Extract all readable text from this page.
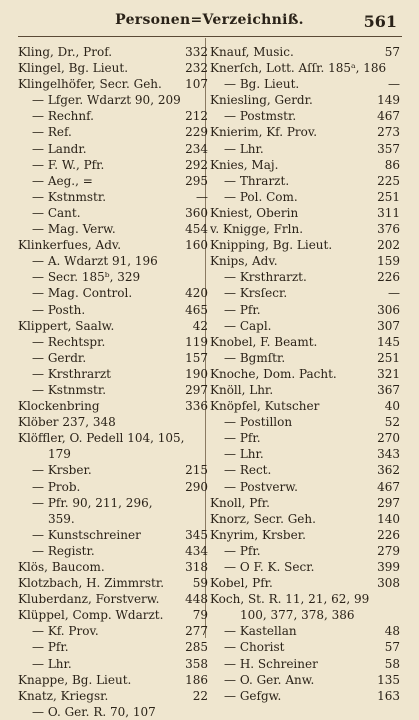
Personen=Verzeichniß.	561
Kling, Dr., Prof.	332
Klingel, Bg. Lieut.	232
Klingelhöfer, Secr. Geh. 107
— Lfger. Wdarzt 90, 209
— Rechnf.	212
— Ref.	229
— Landr.	234
— F. W., Pfr.	292
— Aeg., =	295
— Kstnmstr.	—
— Cant.	360
— Mag. Verw.	454
Klinkerfues, Adv.	160
— A. Wdarzt 91, 196
— Secr. 185ᵇ, 329
— Mag. Control.	420
— Posth.	465
Klippert, Saalw.	42
— Rechtspr.	119
— Gerdr.	157
— Krsthrarzt	190
— Kstnmstr.	297
Klockenbring	336
Klöber 237, 348
Klöffler, O. Pedell 104, 105,
179
— Krsber.	215
— Prob.	290
— Pfr. 90, 211, 296,
359.
— Kunstschreiner	345
— Registr.	434
Klös, Baucom.	318
Klotzbach, H. Zimmrstr. 59
Kluberdanz, Forstverw. 448
Klüppel, Comp. Wdarzt. 79
— Kf. Prov.	277
— Pfr.	285
— Lhr.	358
Knappe, Bg. Lieut.	186
Knatz, Kriegsr.	22
— O. Ger. R. 70, 107
Knauf, Music.	57
Knerſch, Lott. Aſſr. 185ᵃ, 186
— Bg. Lieut.	—
Kniesling, Gerdr.	149
— Postmstr.	467
Knierim, Kf. Prov.	273
— Lhr.	357
Knies, Maj.	86
— Thrarzt.	225
— Pol. Com.	251
Kniest, Oberin	311
v. Knigge, Frln.	376
Knipping, Bg. Lieut.	202
Knips, Adv.	159
— Krsthrarzt.	226
— Krsſecr.	—
— Pfr.	306
— Capl.	307
Knobel, F. Beamt.	145
— Bgmſtr.	251
Knoche, Dom. Pacht.	321
Knöll, Lhr.	367
Knöpfel, Kutscher	40
— Postillon	52
— Pfr.	270
— Lhr.	343
— Rect.	362
— Postverw.	467
Knoll, Pfr.	297
Knorz, Secr. Geh.	140
Knyrim, Krsber.	226
— Pfr.	279
— O F. K. Secr.	399
Kobel, Pfr.	308
Koch, St. R. 11, 21, 62, 99
100, 377, 378, 386
— Kastellan	48
— Chorist	57
— H. Schreiner	58
— O. Ger. Anw.	135
— Gefgw.	163
